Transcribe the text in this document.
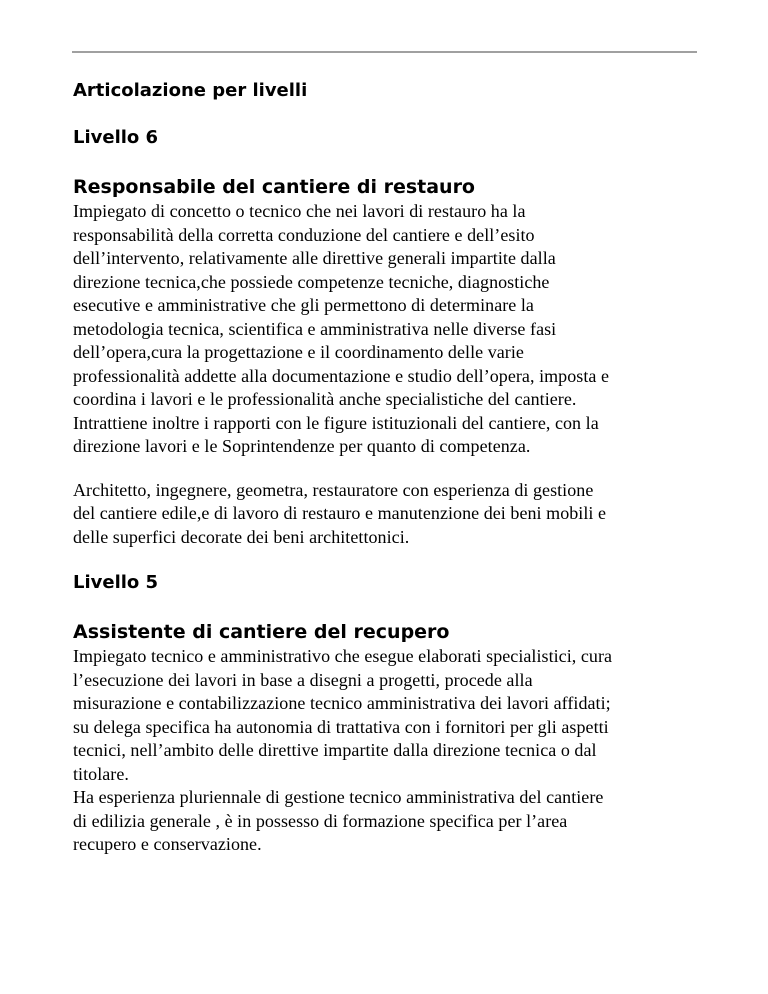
Articolazione per livelli
Livello 6
Responsabile del cantiere di restauro

Impiegato di concetto o tecnico che nei lavori di restauro ha la

responsabilità della corretta conduzione del cantiere e dell’esito

dell’intervento, relativamente alle direttive generali impartite dalla

direzione tecnica,che possiede competenze tecniche, diagnostiche

esecutive e amministrative che gli permettono di determinare la

metodologia tecnica, scientifica e amministrativa nelle diverse fasi

dell’opera,cura la progettazione e il coordinamento delle varie

professionalità addette alla documentazione e studio dell’opera, imposta e

coordina i lavori e le professionalità anche specialistiche del cantiere.

Intrattiene inoltre i rapporti con le figure istituzionali del cantiere, con la

direzione lavori e le Soprintendenze per quanto di competenza.

Architetto, ingegnere, geometra, restauratore con esperienza di gestione

del cantiere edile,e di lavoro di restauro e manutenzione dei beni mobili e

delle superfici decorate dei beni architettonici.

Livello 5
Assistente di cantiere del recupero

Impiegato tecnico e amministrativo che esegue elaborati specialistici, cura

l’esecuzione dei lavori in base a disegni a progetti, procede alla

misurazione e contabilizzazione tecnico amministrativa dei lavori affidati;

su delega specifica ha autonomia di trattativa con i fornitori per gli aspetti

tecnici, nell’ambito delle direttive impartite dalla direzione tecnica o dal

titolare.

Ha esperienza pluriennale di gestione tecnico amministrativa del cantiere

di edilizia generale , è in possesso di formazione specifica per l’area

recupero e conservazione.
